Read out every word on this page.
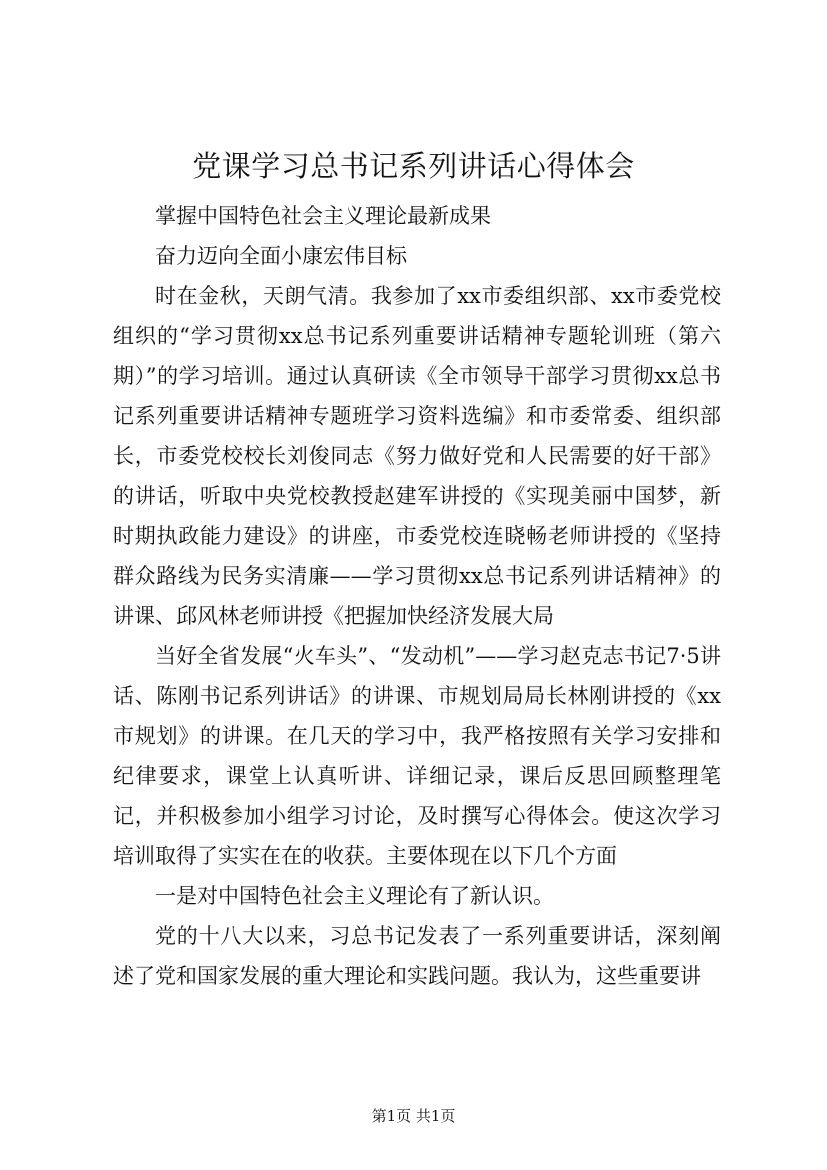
党课学习总书记系列讲话心得体会

掌握中国特色社会主义理论最新成果

奋力迈向全面小康宏伟目标

时在金秋，天朗气清。我参加了xx市委组织部、xx市委党校组织的“学习贯彻xx总书记系列重要讲话精神专题轮训班（第六期）”的学习培训。通过认真研读《全市领导干部学习贯彻xx总书记系列重要讲话精神专题班学习资料选编》和市委常委、组织部长，市委党校校长刘俊同志《努力做好党和人民需要的好干部》的讲话，听取中央党校教授赵建军讲授的《实现美丽中国梦，新时期执政能力建设》的讲座，市委党校连晓畅老师讲授的《坚持群众路线为民务实清廉——学习贯彻xx总书记系列讲话精神》的讲课、邱风林老师讲授《把握加快经济发展大局

当好全省发展“火车头”、“发动机”——学习赵克志书记7·5讲话、陈刚书记系列讲话》的讲课、市规划局局长林刚讲授的《xx市规划》的讲课。在几天的学习中，我严格按照有关学习安排和纪律要求，课堂上认真听讲、详细记录，课后反思回顾整理笔记，并积极参加小组学习讨论，及时撰写心得体会。使这次学习培训取得了实实在在的收获。主要体现在以下几个方面

一是对中国特色社会主义理论有了新认识。

党的十八大以来，习总书记发表了一系列重要讲话，深刻阐述了党和国家发展的重大理论和实践问题。我认为，这些重要讲

第1页 共1页
